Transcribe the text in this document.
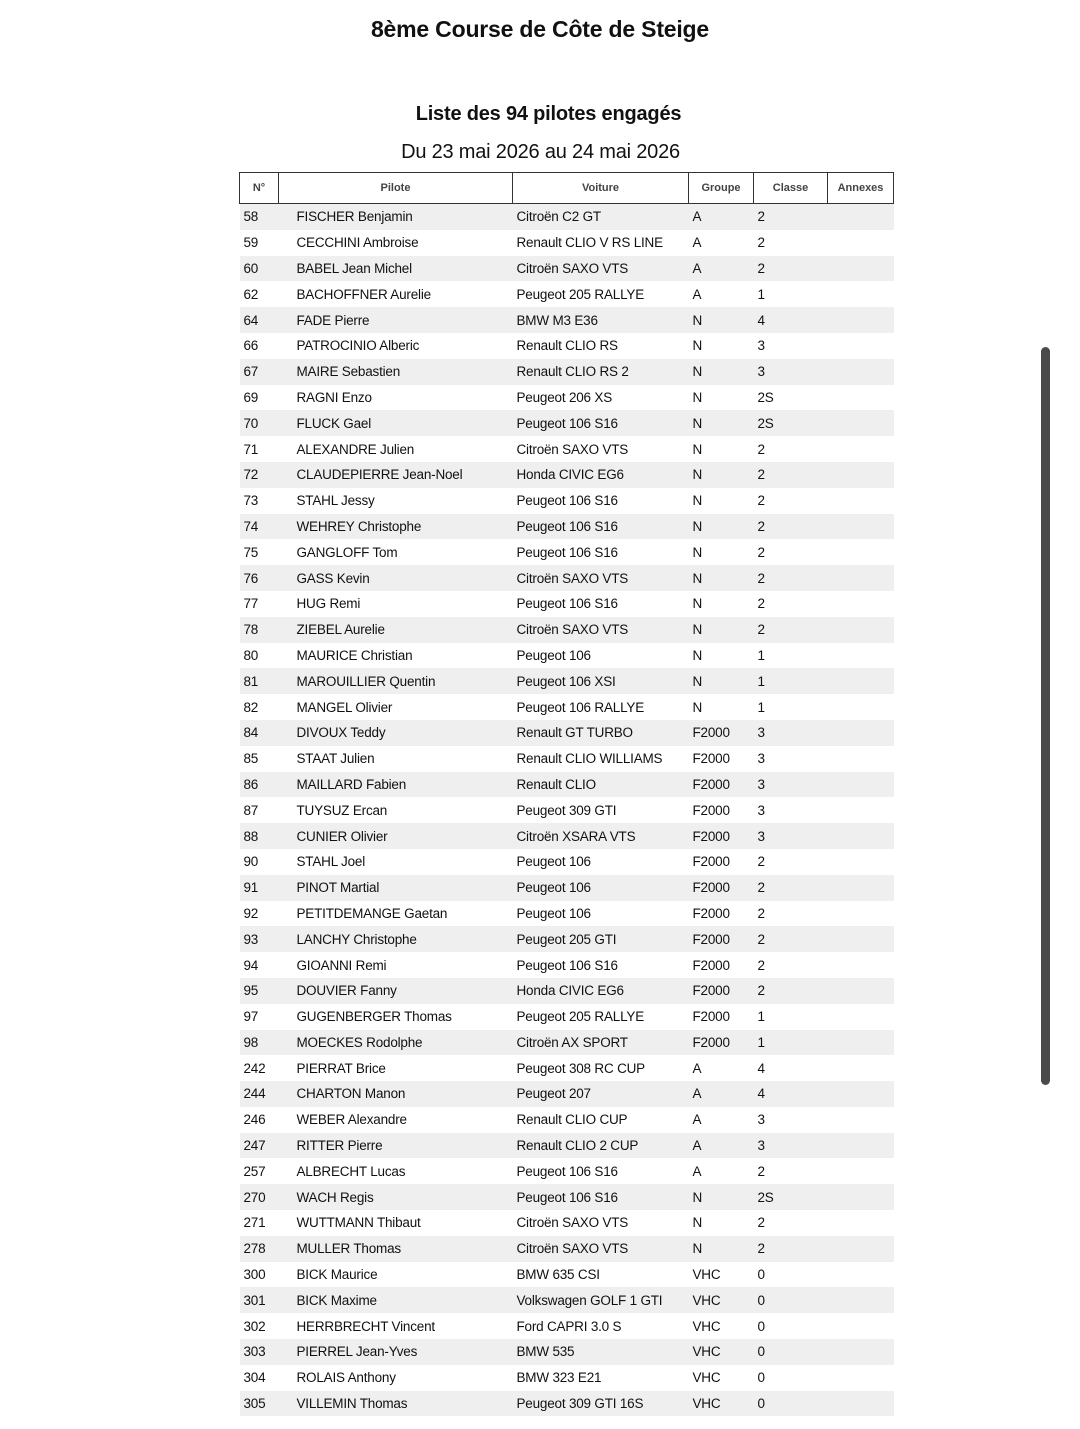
8ème Course de Côte de Steige
Liste des 94 pilotes engagés
Du 23 mai 2026 au 24 mai 2026
N°	Pilote	Voiture	Groupe	Classe	Annexes
58	FISCHER Benjamin	Citroën C2 GT	A	2	
59	CECCHINI Ambroise	Renault CLIO V RS LINE	A	2	
60	BABEL Jean Michel	Citroën SAXO VTS	A	2	
62	BACHOFFNER Aurelie	Peugeot 205 RALLYE	A	1	
64	FADE Pierre	BMW M3 E36	N	4	
66	PATROCINIO Alberic	Renault CLIO RS	N	3	
67	MAIRE Sebastien	Renault CLIO RS 2	N	3	
69	RAGNI Enzo	Peugeot 206 XS	N	2S	
70	FLUCK Gael	Peugeot 106 S16	N	2S	
71	ALEXANDRE Julien	Citroën SAXO VTS	N	2	
72	CLAUDEPIERRE Jean-Noel	Honda CIVIC EG6	N	2	
73	STAHL Jessy	Peugeot 106 S16	N	2	
74	WEHREY Christophe	Peugeot 106 S16	N	2	
75	GANGLOFF Tom	Peugeot 106 S16	N	2	
76	GASS Kevin	Citroën SAXO VTS	N	2	
77	HUG Remi	Peugeot 106 S16	N	2	
78	ZIEBEL Aurelie	Citroën SAXO VTS	N	2	
80	MAURICE Christian	Peugeot 106	N	1	
81	MAROUILLIER Quentin	Peugeot 106 XSI	N	1	
82	MANGEL Olivier	Peugeot 106 RALLYE	N	1	
84	DIVOUX Teddy	Renault GT TURBO	F2000	3	
85	STAAT Julien	Renault CLIO WILLIAMS	F2000	3	
86	MAILLARD Fabien	Renault CLIO	F2000	3	
87	TUYSUZ Ercan	Peugeot 309 GTI	F2000	3	
88	CUNIER Olivier	Citroën XSARA VTS	F2000	3	
90	STAHL Joel	Peugeot 106	F2000	2	
91	PINOT Martial	Peugeot 106	F2000	2	
92	PETITDEMANGE Gaetan	Peugeot 106	F2000	2	
93	LANCHY Christophe	Peugeot 205 GTI	F2000	2	
94	GIOANNI Remi	Peugeot 106 S16	F2000	2	
95	DOUVIER Fanny	Honda CIVIC EG6	F2000	2	
97	GUGENBERGER Thomas	Peugeot 205 RALLYE	F2000	1	
98	MOECKES Rodolphe	Citroën AX SPORT	F2000	1	
242	PIERRAT Brice	Peugeot 308 RC CUP	A	4	
244	CHARTON Manon	Peugeot 207	A	4	
246	WEBER Alexandre	Renault CLIO CUP	A	3	
247	RITTER Pierre	Renault CLIO 2 CUP	A	3	
257	ALBRECHT Lucas	Peugeot 106 S16	A	2	
270	WACH Regis	Peugeot 106 S16	N	2S	
271	WUTTMANN Thibaut	Citroën SAXO VTS	N	2	
278	MULLER Thomas	Citroën SAXO VTS	N	2	
300	BICK Maurice	BMW 635 CSI	VHC	0	
301	BICK Maxime	Volkswagen GOLF 1 GTI	VHC	0	
302	HERRBRECHT Vincent	Ford CAPRI 3.0 S	VHC	0	
303	PIERREL Jean-Yves	BMW 535	VHC	0	
304	ROLAIS Anthony	BMW 323 E21	VHC	0	
305	VILLEMIN Thomas	Peugeot 309 GTI 16S	VHC	0	
